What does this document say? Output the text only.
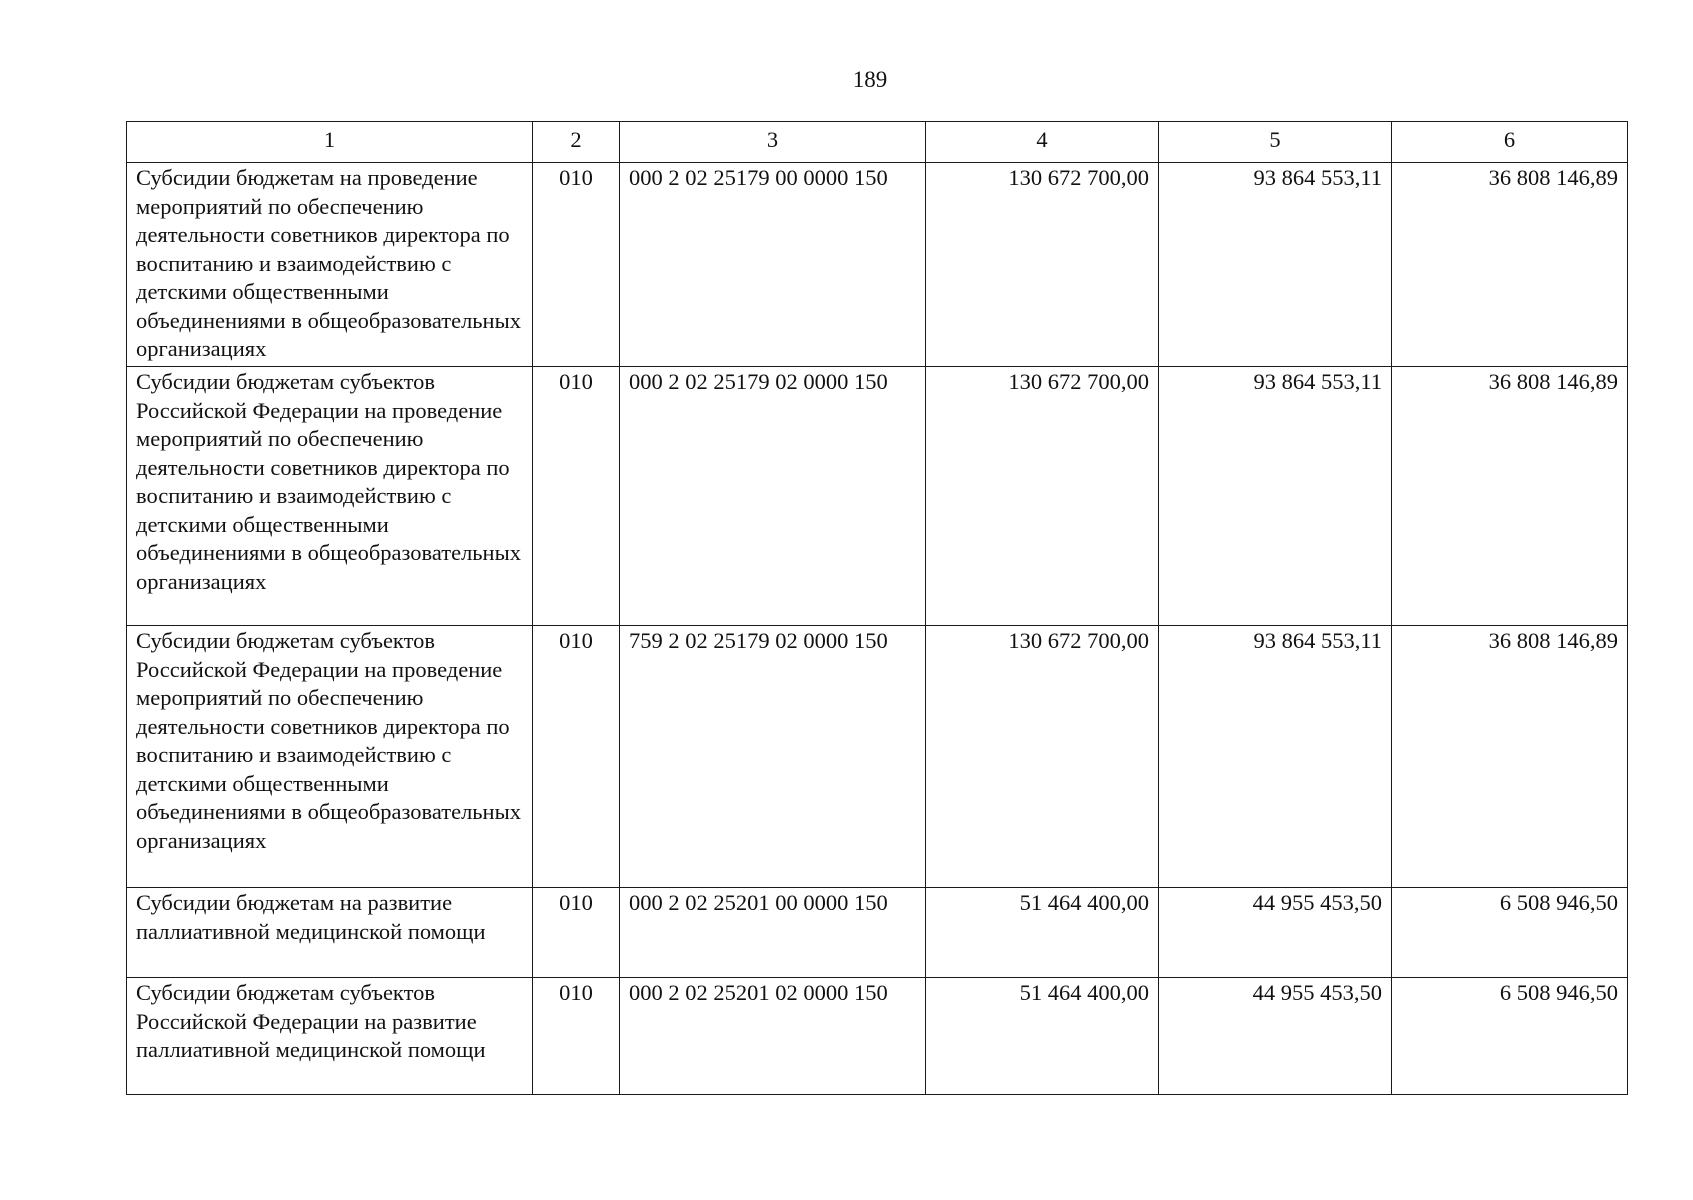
189
1	2	3	4	5	6
Субсидии бюджетам на проведение мероприятий по обеспечению деятельности советников директора по воспитанию и взаимодействию с детскими общественными объединениями в общеобразовательных организациях	010	000 2 02 25179 00 0000 150	130 672 700,00	93 864 553,11	36 808 146,89
Субсидии бюджетам субъектов Российской Федерации на проведение мероприятий по обеспечению деятельности советников директора по воспитанию и взаимодействию с детскими общественными объединениями в общеобразовательных организациях	010	000 2 02 25179 02 0000 150	130 672 700,00	93 864 553,11	36 808 146,89
Субсидии бюджетам субъектов Российской Федерации на проведение мероприятий по обеспечению деятельности советников директора по воспитанию и взаимодействию с детскими общественными объединениями в общеобразовательных организациях	010	759 2 02 25179 02 0000 150	130 672 700,00	93 864 553,11	36 808 146,89
Субсидии бюджетам на развитие паллиативной медицинской помощи	010	000 2 02 25201 00 0000 150	51 464 400,00	44 955 453,50	6 508 946,50
Субсидии бюджетам субъектов Российской Федерации на развитие паллиативной медицинской помощи	010	000 2 02 25201 02 0000 150	51 464 400,00	44 955 453,50	6 508 946,50
